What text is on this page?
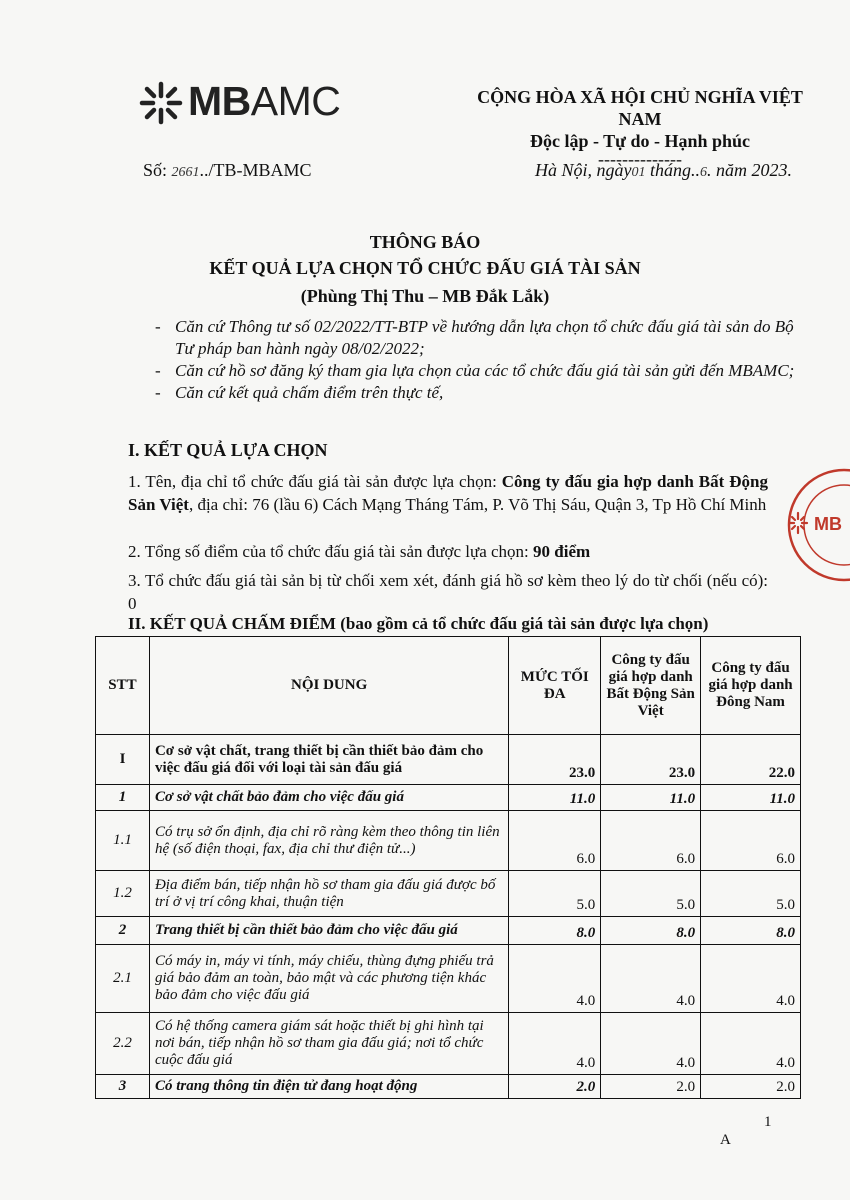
MBAMC	CỘNG HÒA XÃ HỘI CHỦ NGHĨA VIỆT NAM
Độc lập - Tự do - Hạnh phúc
--------------
Số: 2661../TB-MBAMC	Hà Nội, ngày01 tháng..6. năm 2023.
THÔNG BÁO
KẾT QUẢ LỰA CHỌN TỔ CHỨC ĐẤU GIÁ TÀI SẢN
(Phùng Thị Thu – MB Đắk Lắk)
- Căn cứ Thông tư số 02/2022/TT-BTP về hướng dẫn lựa chọn tổ chức đấu giá tài sản do Bộ Tư pháp ban hành ngày 08/02/2022;
- Căn cứ hồ sơ đăng ký tham gia lựa chọn của các tổ chức đấu giá tài sản gửi đến MBAMC;
- Căn cứ kết quả chấm điểm trên thực tế,
I. KẾT QUẢ LỰA CHỌN
1. Tên, địa chỉ tổ chức đấu giá tài sản được lựa chọn: Công ty đấu gia hợp danh Bất Động Sản Việt, địa chỉ: 76 (lầu 6) Cách Mạng Tháng Tám, P. Võ Thị Sáu, Quận 3, Tp Hồ Chí Minh
2. Tổng số điểm của tổ chức đấu giá tài sản được lựa chọn: 90 điểm
3. Tổ chức đấu giá tài sản bị từ chối xem xét, đánh giá hồ sơ kèm theo lý do từ chối (nếu có): 0
II. KẾT QUẢ CHẤM ĐIỂM (bao gồm cả tổ chức đấu giá tài sản được lựa chọn)
STT	NỘI DUNG	MỨC TỐI ĐA	Công ty đấu giá hợp danh Bất Động Sản Việt	Công ty đấu giá hợp danh Đông Nam
I	Cơ sở vật chất, trang thiết bị cần thiết bảo đảm cho việc đấu giá đối với loại tài sản đấu giá	23.0	23.0	22.0
1	Cơ sở vật chất bảo đảm cho việc đấu giá	11.0	11.0	11.0
1.1	Có trụ sở ổn định, địa chỉ rõ ràng kèm theo thông tin liên hệ (số điện thoại, fax, địa chỉ thư điện tử...)	6.0	6.0	6.0
1.2	Địa điểm bán, tiếp nhận hồ sơ tham gia đấu giá được bố trí ở vị trí công khai, thuận tiện	5.0	5.0	5.0
2	Trang thiết bị cần thiết bảo đảm cho việc đấu giá	8.0	8.0	8.0
2.1	Có máy in, máy vi tính, máy chiếu, thùng đựng phiếu trả giá bảo đảm an toàn, bảo mật và các phương tiện khác bảo đảm cho việc đấu giá	4.0	4.0	4.0
2.2	Có hệ thống camera giám sát hoặc thiết bị ghi hình tại nơi bán, tiếp nhận hồ sơ tham gia đấu giá; nơi tổ chức cuộc đấu giá	4.0	4.0	4.0
3	Có trang thông tin điện tử đang hoạt động	2.0	2.0	2.0
MB
1
A
